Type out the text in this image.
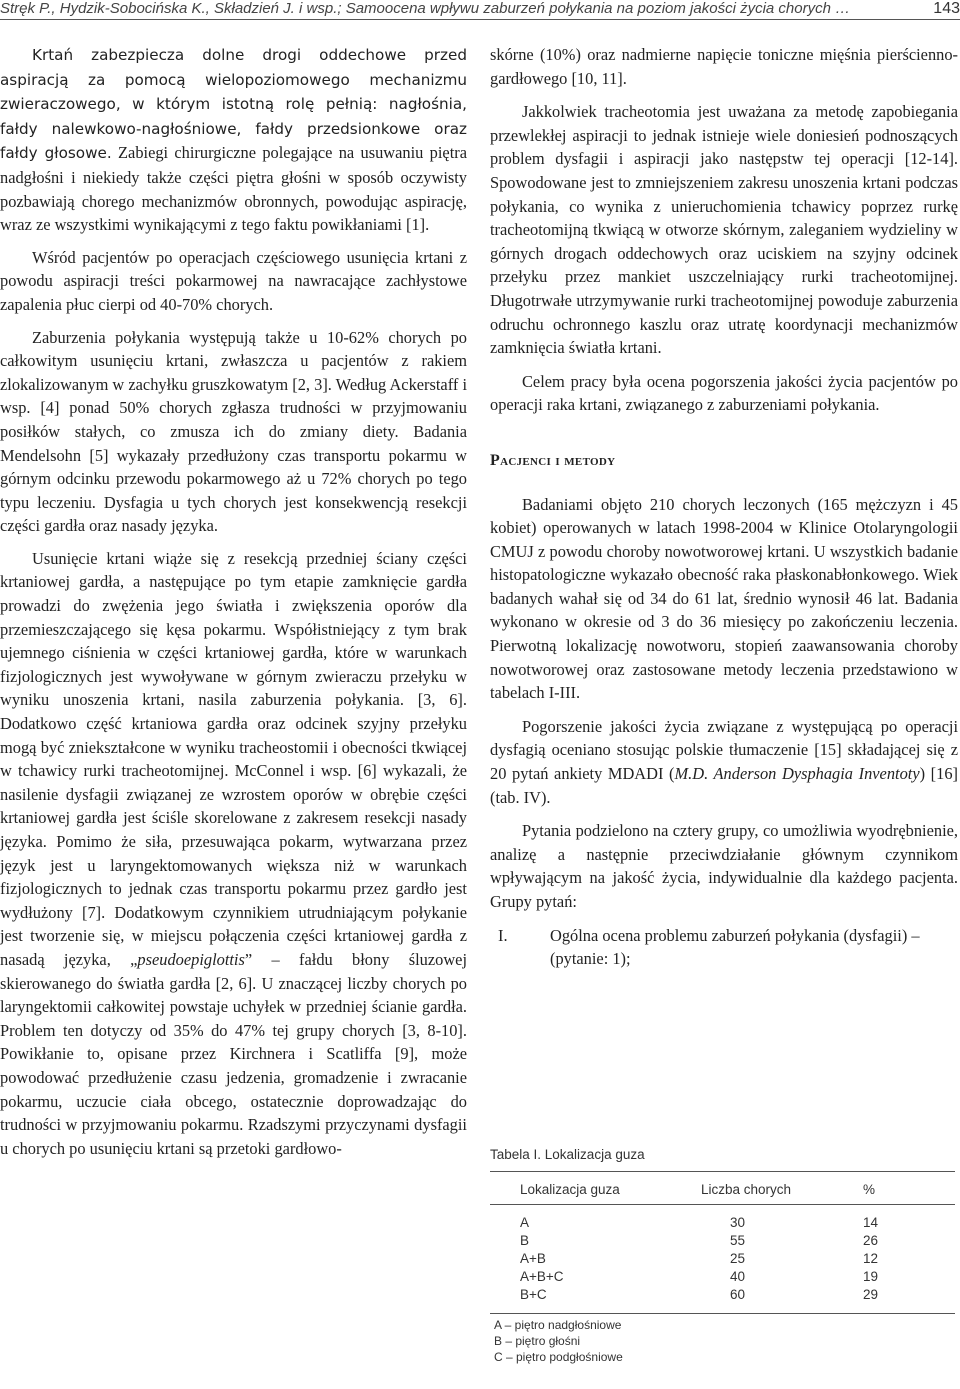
Stręk P., Hydzik-Sobocińska K., Składzień J. i wsp.; Samoocena wpływu zaburzeń połykania na poziom jakości życia chorych …	143

Krtań zabezpiecza dolne drogi oddechowe przed aspiracją za pomocą wielopoziomowego mechanizmu zwieraczowego, w którym istotną rolę pełnią: nagłośnia, fałdy nalewkowo-nagłośniowe, fałdy przedsionkowe oraz fałdy głosowe. Zabiegi chirurgiczne polegające na usuwaniu piętra nadgłośni i niekiedy także części piętra głośni w sposób oczywisty pozbawiają chorego mechanizmów obronnych, powodując aspirację, wraz ze wszystkimi wynikającymi z tego faktu powikłaniami [1].

Wśród pacjentów po operacjach częściowego usunięcia krtani z powodu aspiracji treści pokarmowej na nawracające zachłystowe zapalenia płuc cierpi od 40-70% chorych.

Zaburzenia połykania występują także u 10-62% chorych po całkowitym usunięciu krtani, zwłaszcza u pacjentów z rakiem zlokalizowanym w zachyłku gruszkowatym [2, 3]. Według Ackerstaff i wsp. [4] ponad 50% chorych zgłasza trudności w przyjmowaniu posiłków stałych, co zmusza ich do zmiany diety. Badania Mendelsohn [5] wykazały przedłużony czas transportu pokarmu w górnym odcinku przewodu pokarmowego aż u 72% chorych po tego typu leczeniu. Dysfagia u tych chorych jest konsekwencją resekcji części gardła oraz nasady języka.

Usunięcie krtani wiąże się z resekcją przedniej ściany części krtaniowej gardła, a następujące po tym etapie zamknięcie gardła prowadzi do zwężenia jego światła i zwiększenia oporów dla przemieszczającego się kęsa pokarmu. Współistniejący z tym brak ujemnego ciśnienia w części krtaniowej gardła, które w warunkach fizjologicznych jest wywoływane w górnym zwieraczu przełyku w wyniku unoszenia krtani, nasila zaburzenia połykania. [3, 6]. Dodatkowo część krtaniowa gardła oraz odcinek szyjny przełyku mogą być zniekształcone w wyniku tracheostomii i obecności tkwiącej w tchawicy rurki tracheotomijnej. McConnel i wsp. [6] wykazali, że nasilenie dysfagii związanej ze wzrostem oporów w obrębie części krtaniowej gardła jest ściśle skorelowane z zakresem resekcji nasady języka. Pomimo że siła, przesuwająca pokarm, wytwarzana przez język jest u laryngektomowanych większa niż w warunkach fizjologicznych to jednak czas transportu pokarmu przez gardło jest wydłużony [7]. Dodatkowym czynnikiem utrudniającym połykanie jest tworzenie się, w miejscu połączenia części krtaniowej gardła z nasadą języka, „pseudoepiglottis” – fałdu błony śluzowej skierowanego do światła gardła [2, 6]. U znaczącej liczby chorych po laryngektomii całkowitej powstaje uchyłek w przedniej ścianie gardła. Problem ten dotyczy od 35% do 47% tej grupy chorych [3, 8-10]. Powikłanie to, opisane przez Kirchnera i Scatliffa [9], może powodować przedłużenie czasu jedzenia, gromadzenie i zwracanie pokarmu, uczucie ciała obcego, ostatecznie doprowadzając do trudności w przyjmowaniu pokarmu. Rzadszymi przyczynami dysfagii u chorych po usunięciu krtani są przetoki gardłowo-

skórne (10%) oraz nadmierne napięcie toniczne mięśnia pierścienno-gardłowego [10, 11].

Jakkolwiek tracheotomia jest uważana za metodę zapobiegania przewlekłej aspiracji to jednak istnieje wiele doniesień podnoszących problem dysfagii i aspiracji jako następstw tej operacji [12-14]. Spowodowane jest to zmniejszeniem zakresu unoszenia krtani podczas połykania, co wynika z unieruchomienia tchawicy poprzez rurkę tracheotomijną tkwiącą w otworze skórnym, zaleganiem wydzieliny w górnych drogach oddechowych oraz uciskiem na szyjny odcinek przełyku przez mankiet uszczelniający rurki tracheotomijnej. Długotrwałe utrzymywanie rurki tracheotomijnej powoduje zaburzenia odruchu ochronnego kaszlu oraz utratę koordynacji mechanizmów zamknięcia światła krtani.

Celem pracy była ocena pogorszenia jakości życia pacjentów po operacji raka krtani, związanego z zaburzeniami połykania.

Pacjenci i metody

Badaniami objęto 210 chorych leczonych (165 mężczyzn i 45 kobiet) operowanych w latach 1998-2004 w Klinice Otolaryngologii CMUJ z powodu choroby nowotworowej krtani. U wszystkich badanie histopatologiczne wykazało obecność raka płaskonabłonkowego. Wiek badanych wahał się od 34 do 61 lat, średnio wynosił 46 lat. Badania wykonano w okresie od 3 do 36 miesięcy po zakończeniu leczenia. Pierwotną lokalizację nowotworu, stopień zaawansowania choroby nowotworowej oraz zastosowane metody leczenia przedstawiono w tabelach I-III.

Pogorszenie jakości życia związane z występującą po operacji dysfagią oceniano stosując polskie tłumaczenie [15] składającej się z 20 pytań ankiety MDADI (M.D. Anderson Dysphagia Inventoty) [16] (tab. IV).

Pytania podzielono na cztery grupy, co umożliwia wyodrębnienie, analizę a następnie przeciwdziałanie głównym czynnikom wpływającym na jakość życia, indywidualnie dla każdego pacjenta. Grupy pytań:

I.	Ogólna ocena problemu zaburzeń połykania (dysfagii) – (pytanie: 1);
Tabela I. Lokalizacja guza
Lokalizacja guza	Liczba chorych	%
A	30	14
B	55	26
A+B	25	12
A+B+C	40	19
B+C	60	29
A – piętro nadgłośniowe
B – piętro głośni
C – piętro podgłośniowe
